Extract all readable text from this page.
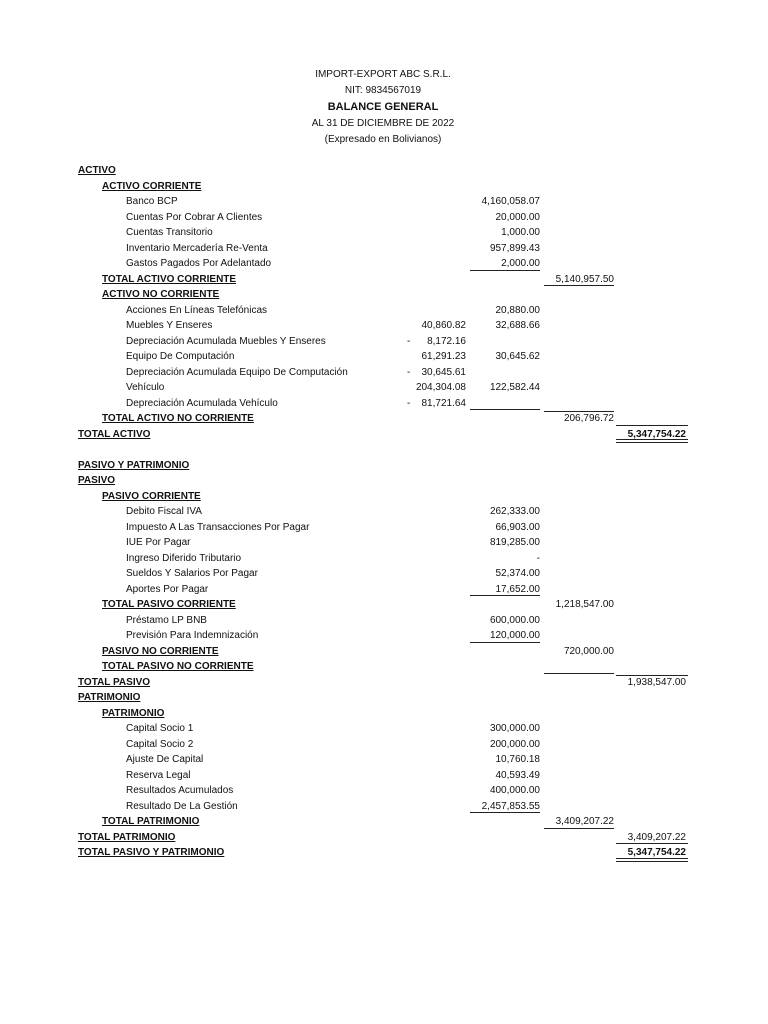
IMPORT-EXPORT ABC S.R.L.
NIT: 9834567019
BALANCE GENERAL
AL 31 DE DICIEMBRE DE 2022
(Expresado en Bolivianos)
ACTIVO
ACTIVO CORRIENTE
Banco BCP	4,160,058.07
Cuentas Por Cobrar A Clientes	20,000.00
Cuentas Transitorio	1,000.00
Inventario Mercadería Re-Venta	957,899.43
Gastos Pagados Por Adelantado	2,000.00
TOTAL ACTIVO CORRIENTE	5,140,957.50
ACTIVO NO CORRIENTE
Acciones En Líneas Telefónicas	20,880.00
Muebles Y Enseres	40,860.82	32,688.66
Depreciación Acumulada Muebles Y Enseres	- 8,172.16
Equipo De Computación	61,291.23	30,645.62
Depreciación Acumulada Equipo De Computación	- 30,645.61
Vehículo	204,304.08	122,582.44
Depreciación Acumulada Vehículo	- 81,721.64
TOTAL ACTIVO NO CORRIENTE	206,796.72
TOTAL ACTIVO	5,347,754.22
PASIVO Y PATRIMONIO
PASIVO
PASIVO CORRIENTE
Debito Fiscal IVA	262,333.00
Impuesto A Las Transacciones Por Pagar	66,903.00
IUE Por Pagar	819,285.00
Ingreso Diferido Tributario	-
Sueldos Y Salarios Por Pagar	52,374.00
Aportes Por Pagar	17,652.00
TOTAL PASIVO CORRIENTE	1,218,547.00
Préstamo LP BNB	600,000.00
Previsión Para Indemnización	120,000.00
PASIVO NO CORRIENTE	720,000.00
TOTAL PASIVO NO CORRIENTE
TOTAL PASIVO	1,938,547.00
PATRIMONIO
PATRIMONIO
Capital Socio 1	300,000.00
Capital Socio 2	200,000.00
Ajuste De Capital	10,760.18
Reserva Legal	40,593.49
Resultados Acumulados	400,000.00
Resultado De La Gestión	2,457,853.55
TOTAL PATRIMONIO	3,409,207.22
TOTAL PATRIMONIO	3,409,207.22
TOTAL PASIVO Y PATRIMONIO	5,347,754.22
